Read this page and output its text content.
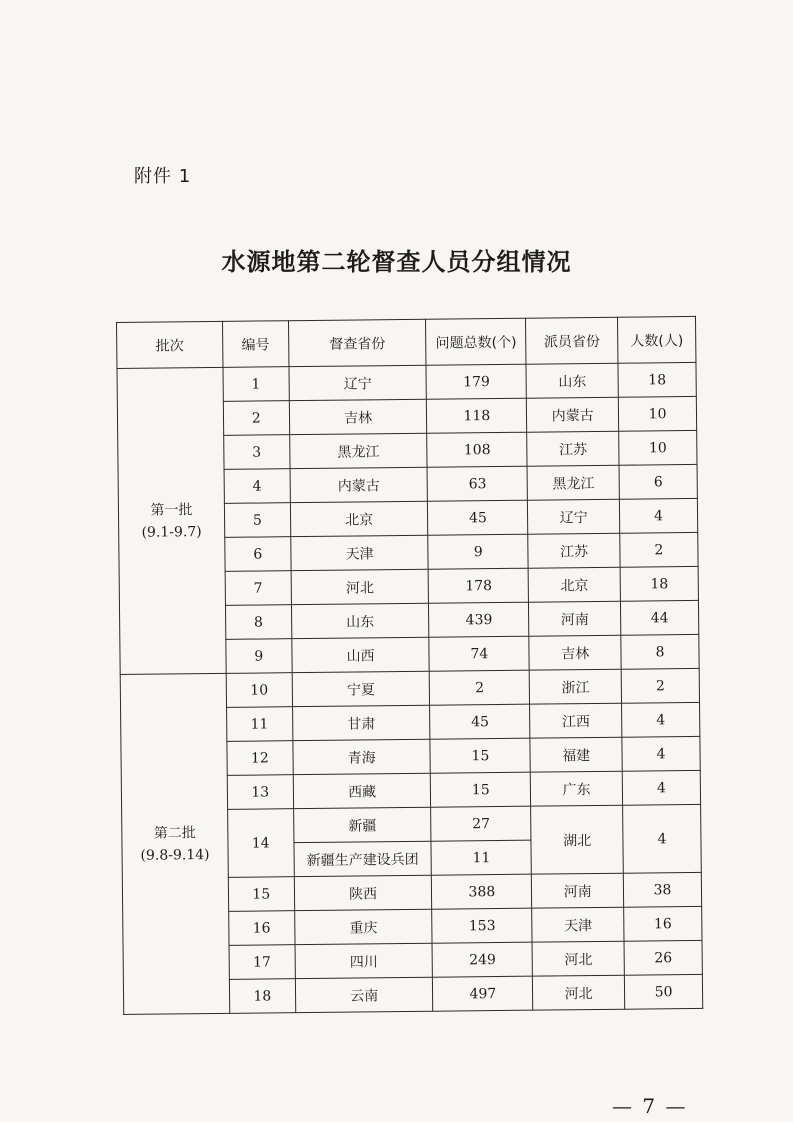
附件 1
水源地第二轮督查人员分组情况
批次	编号	督查省份	问题总数(个)	派员省份	人数(人)

第一批
(9.1-9.7)	1	辽宁	179	山东	18
	2	吉林	118	内蒙古	10
	3	黑龙江	108	江苏	10
	4	内蒙古	63	黑龙江	6
	5	北京	45	辽宁	4
	6	天津	9	江苏	2
	7	河北	178	北京	18
	8	山东	439	河南	44
	9	山西	74	吉林	8

第二批
(9.8-9.14)	10	宁夏	2	浙江	2
	11	甘肃	45	江西	4
	12	青海	15	福建	4
	13	西藏	15	广东	4
	14	新疆	27	湖北	4
		新疆生产建设兵团	11		
	15	陕西	388	河南	38
	16	重庆	153	天津	16
	17	四川	249	河北	26
	18	云南	497	河北	50
— 7 —
